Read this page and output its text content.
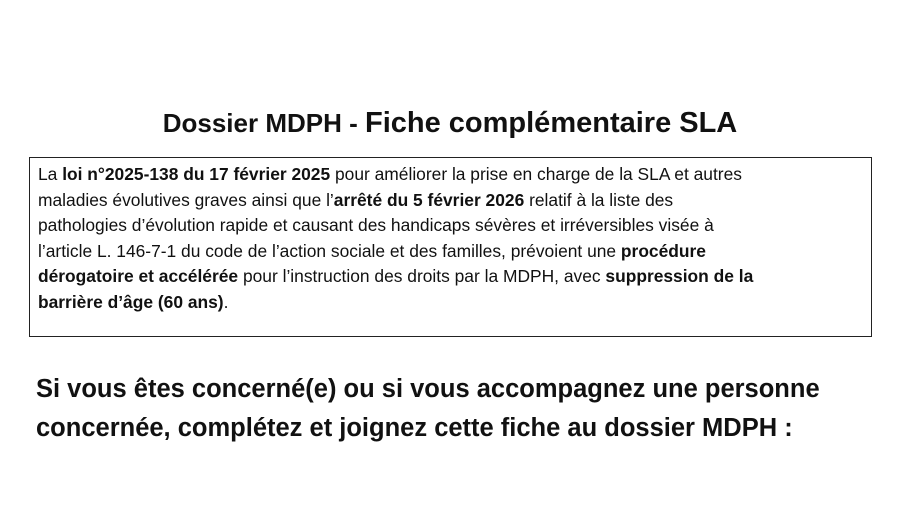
Dossier MDPH - Fiche complémentaire SLA
La loi n°2025-138 du 17 février 2025 pour améliorer la prise en charge de la SLA et autres
maladies évolutives graves ainsi que l’arrêté du 5 février 2026 relatif à la liste des
pathologies d’évolution rapide et causant des handicaps sévères et irréversibles visée à
l’article L. 146-7-1 du code de l’action sociale et des familles, prévoient une procédure
dérogatoire et accélérée pour l’instruction des droits par la MDPH, avec suppression de la
barrière d’âge (60 ans).
Si vous êtes concerné(e) ou si vous accompagnez une personne
concernée, complétez et joignez cette fiche au dossier MDPH :
